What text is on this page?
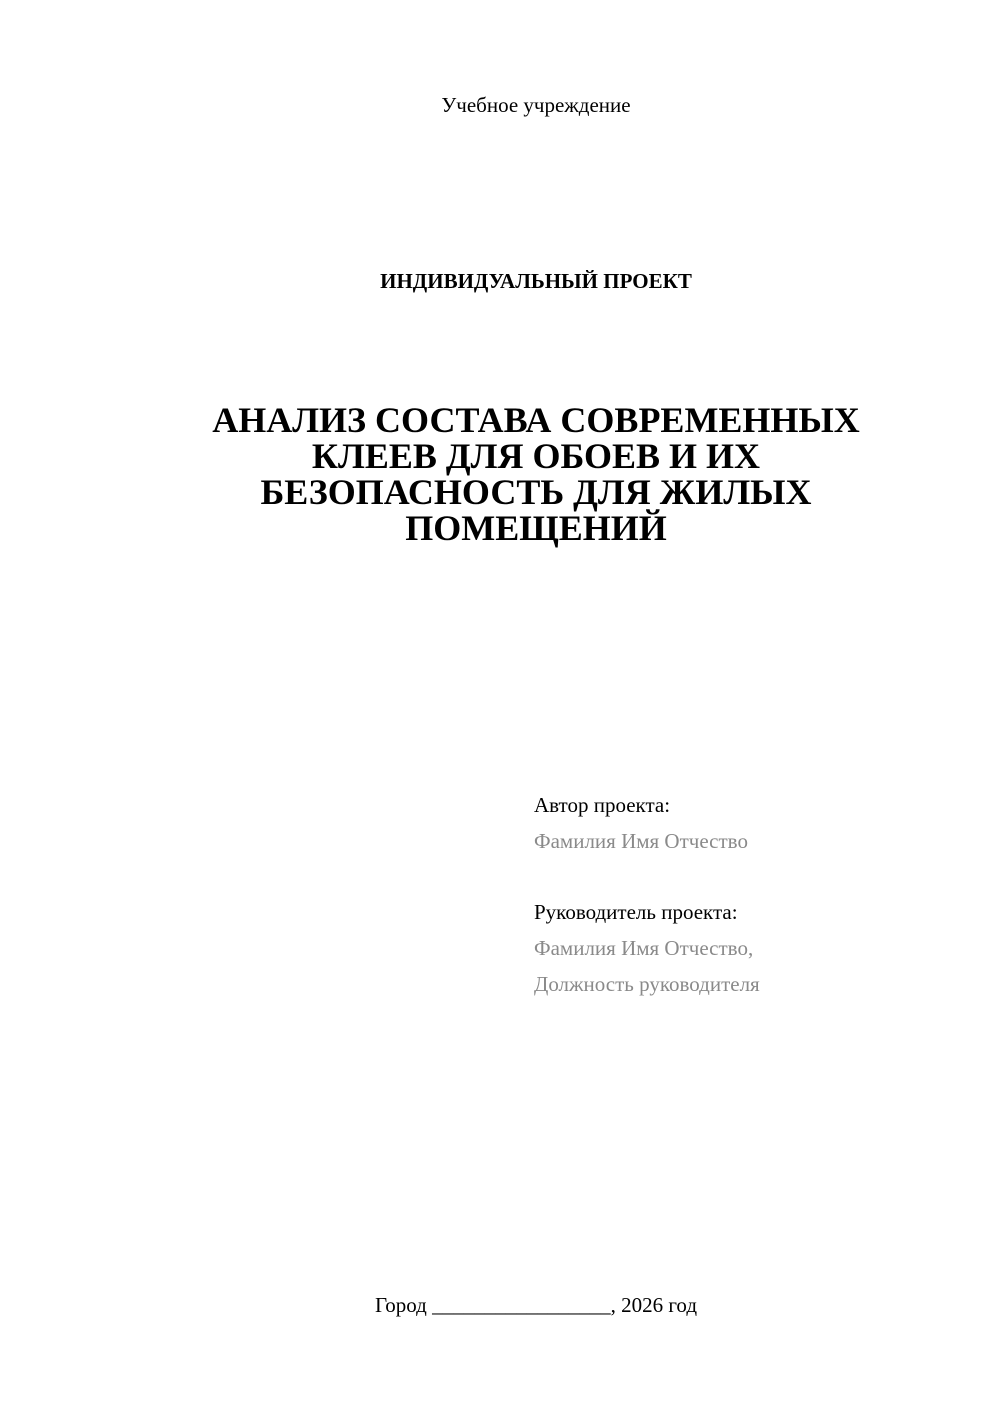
Учебное учреждение
ИНДИВИДУАЛЬНЫЙ ПРОЕКТ
АНАЛИЗ СОСТАВА СОВРЕМЕННЫХ
КЛЕЕВ ДЛЯ ОБОЕВ И ИХ
БЕЗОПАСНОСТЬ ДЛЯ ЖИЛЫХ
ПОМЕЩЕНИЙ
Автор проекта:
Фамилия Имя Отчество
Руководитель проекта:
Фамилия Имя Отчество,
Должность руководителя
Город _________________, 2026 год
